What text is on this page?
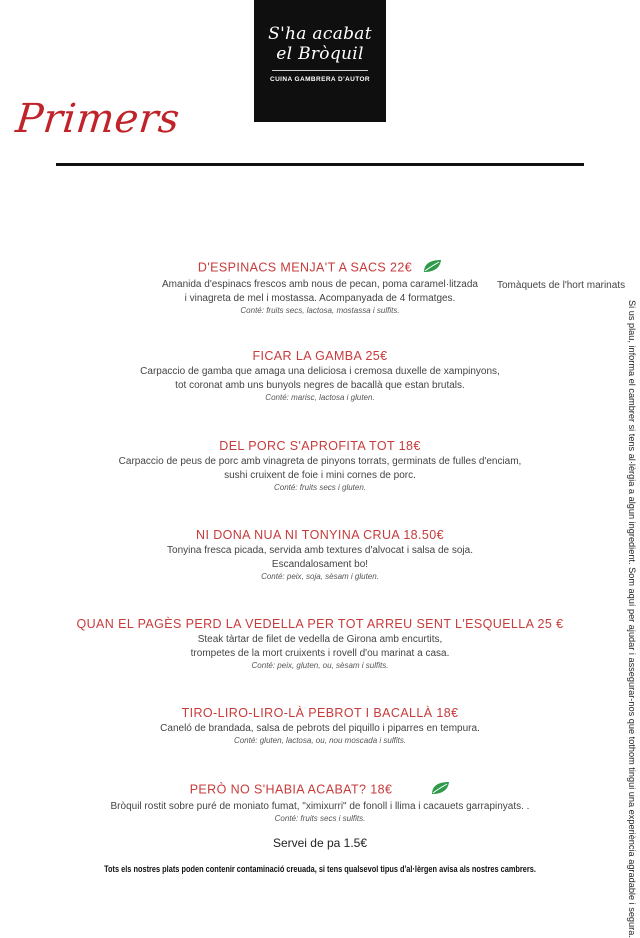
S'ha acabat
el Bròquil
CUINA GAMBRERA D'AUTOR
Primers
D'ESPINACS MENJA'T A SACS 22€
Amanida d'espinacs frescos amb nous de pecan, poma caramel·litzada
i vinagreta de mel i mostassa. Acompanyada de 4 formatges.
Conté: fruits secs, lactosa, mostassa i sulfits.
Tomàquets de l'hort marinats
FICAR LA GAMBA 25€
Carpaccio de gamba que amaga una deliciosa i cremosa duxelle de xampinyons,
tot coronat amb uns bunyols negres de bacallà que estan brutals.
Conté: marisc, lactosa i gluten.
DEL PORC S'APROFITA TOT 18€
Carpaccio de peus de porc amb vinagreta de pinyons torrats, germinats de fulles d'enciam,
sushi cruixent de foie i mini cornes de porc.
Conté: fruits secs i gluten.
NI DONA NUA NI TONYINA CRUA 18.50€
Tonyina fresca picada, servida amb textures d'alvocat i salsa de soja.
Escandalosament bo!
Conté: peix, soja, sèsam i gluten.
QUAN EL PAGÈS PERD LA VEDELLA PER TOT ARREU SENT L'ESQUELLA 25 €
Steak tàrtar de filet de vedella de Girona amb encurtits,
trompetes de la mort cruixents i rovell d'ou marinat a casa.
Conté: peix, gluten, ou, sèsam i sulfits.
TIRO-LIRO-LIRO-LÀ PEBROT I BACALLÀ 18€
Caneló de brandada, salsa de pebrots del piquillo i piparres en tempura.
Conté: gluten, lactosa, ou, nou moscada i sulfits.
PERÒ NO S'HABIA ACABAT? 18€
Bròquil rostit sobre puré de moniato fumat, "ximixurri" de fonoll i llima i cacauets garrapinyats. .
Conté: fruits secs i sulfits.
Servei de pa 1.5€
Tots els nostres plats poden contenir contaminació creuada, si tens qualsevol tipus d'al·lèrgen avisa als nostres cambrers.	Si us plau, informa el cambrer si tens al·lèrgia a algun ingredient. Som aquí per ajudar i assegurar-nos que tothom tingui una experiència agradable i segura.
